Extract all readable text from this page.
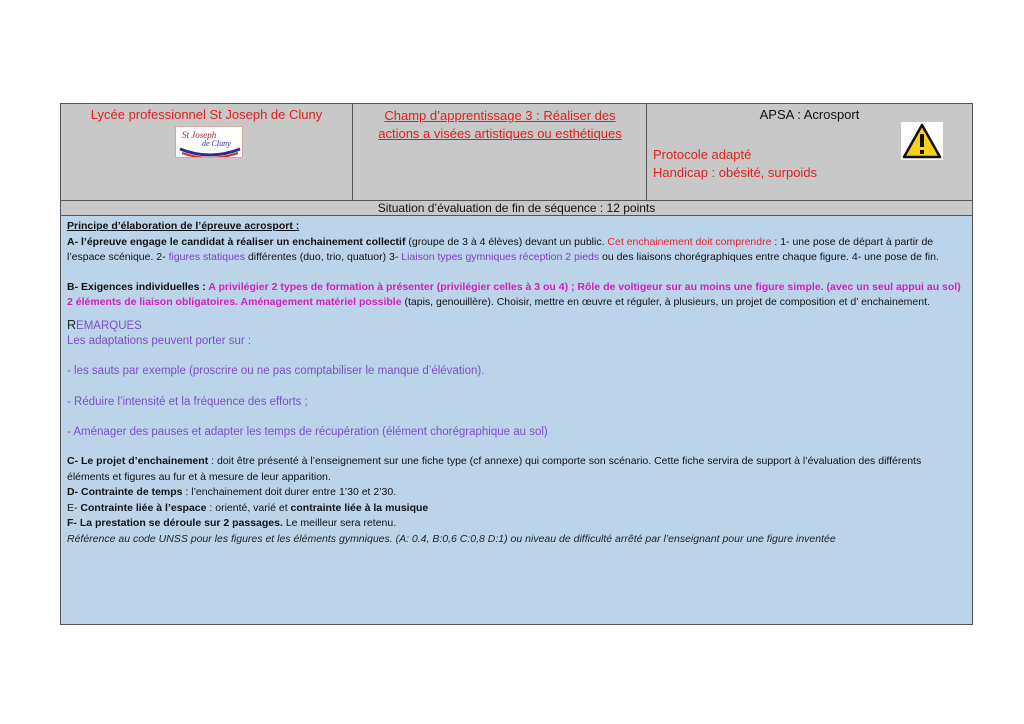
Lycée professionnel St Joseph de Cluny
St Joseph
de Cluny
Champ d’apprentissage 3 : Réaliser des actions a visées artistiques ou esthétiques
APSA : Acrosport
Protocole adapté
Handicap : obésité, surpoids
Situation d’évaluation de fin de séquence : 12 points

Principe d’élaboration de l’épreuve acrosport :

A- l’épreuve engage le candidat à réaliser un enchainement collectif (groupe de 3 à 4 élèves) devant un public. Cet enchainement doit comprendre : 1- une pose de départ à partir de l’espace scénique. 2- figures statiques différentes (duo, trio, quatuor) 3- Liaison types gymniques réception 2 pieds ou des liaisons chorégraphiques entre chaque figure. 4- une pose de fin.

B- Exigences individuelles : A privilégier 2 types de formation à présenter (privilégier celles à 3 ou 4) ; Rôle de voltigeur sur au moins une figure simple. (avec un seul appui au sol) 2 éléments de liaison obligatoires. Aménagement matériel possible (tapis, genouillère). Choisir, mettre en œuvre et réguler, à plusieurs, un projet de composition et d’ enchainement.

REMARQUES

Les adaptations peuvent porter sur :

- les sauts par exemple (proscrire ou ne pas comptabiliser le manque d’élévation).

- Réduire l’intensité et la fréquence des efforts ;

- Aménager des pauses et adapter les temps de récupération (élément chorégraphique au sol)

C- Le projet d’enchainement : doit être présenté à l’enseignement sur une fiche type (cf annexe) qui comporte son scénario. Cette fiche servira de support à l’évaluation des différents éléments et figures au fur et à mesure de leur apparition.

D- Contrainte de temps : l’enchainement doit durer entre 1’30 et 2’30.

E- Contrainte liée à l’espace : orienté, varié et contrainte liée à la musique

F- La prestation se déroule sur 2 passages. Le meilleur sera retenu.

Référence au code UNSS pour les figures et les éléments gymniques. (A: 0.4, B:0,6 C:0,8 D:1) ou niveau de difficulté arrêté par l’enseignant pour une figure inventée
